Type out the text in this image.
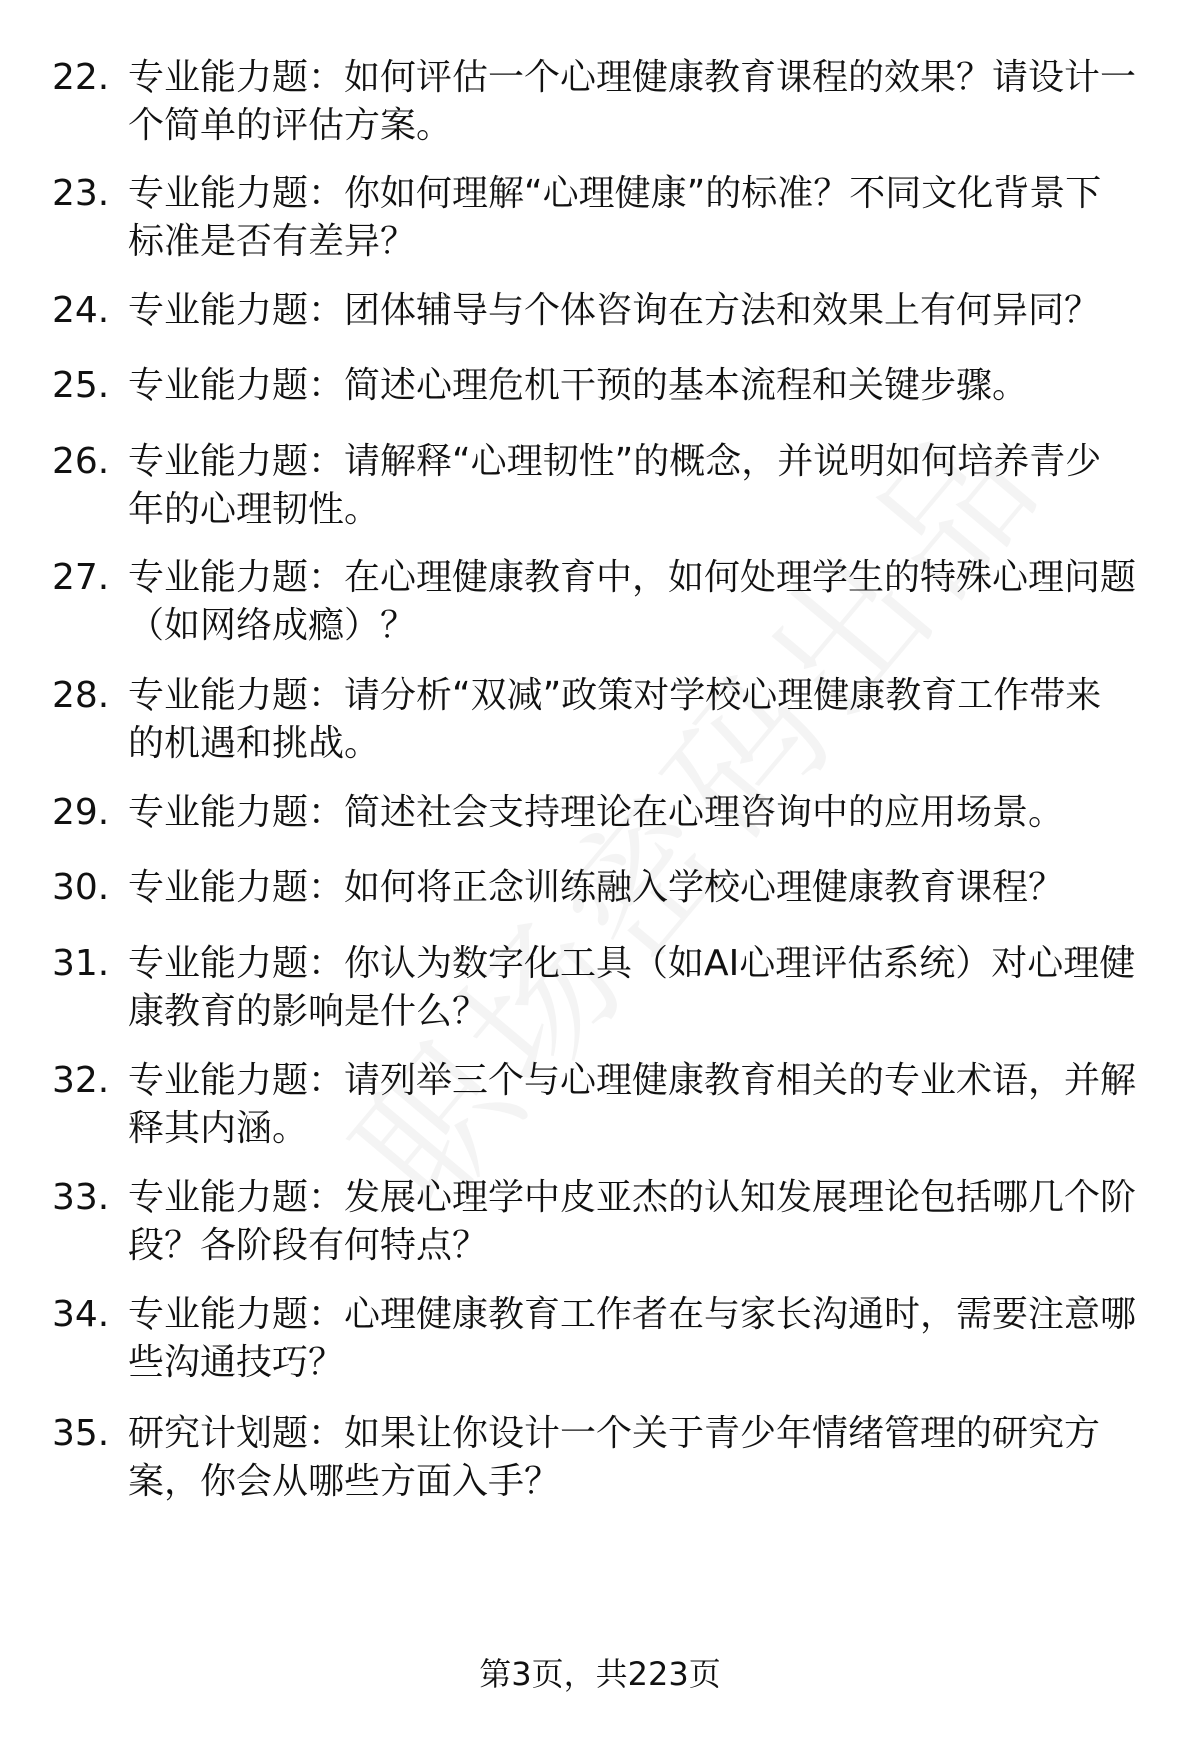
22. 专业能力题：如何评估一个心理健康教育课程的效果？请设计一
个简单的评估方案。
23. 专业能力题：你如何理解“心理健康”的标准？不同文化背景下
标准是否有差异？
24. 专业能力题：团体辅导与个体咨询在方法和效果上有何异同？
25. 专业能力题：简述心理危机干预的基本流程和关键步骤。
26. 专业能力题：请解释“心理韧性”的概念，并说明如何培养青少
年的心理韧性。
27. 专业能力题：在心理健康教育中，如何处理学生的特殊心理问题
（如网络成瘾）？
28. 专业能力题：请分析“双减”政策对学校心理健康教育工作带来
的机遇和挑战。
29. 专业能力题：简述社会支持理论在心理咨询中的应用场景。
30. 专业能力题：如何将正念训练融入学校心理健康教育课程？
31. 专业能力题：你认为数字化工具（如AI心理评估系统）对心理健
康教育的影响是什么？
32. 专业能力题：请列举三个与心理健康教育相关的专业术语，并解
释其内涵。
33. 专业能力题：发展心理学中皮亚杰的认知发展理论包括哪几个阶
段？各阶段有何特点？
34. 专业能力题：心理健康教育工作者在与家长沟通时，需要注意哪
些沟通技巧？
35. 研究计划题：如果让你设计一个关于青少年情绪管理的研究方
案，你会从哪些方面入手？
第3页，共223页
